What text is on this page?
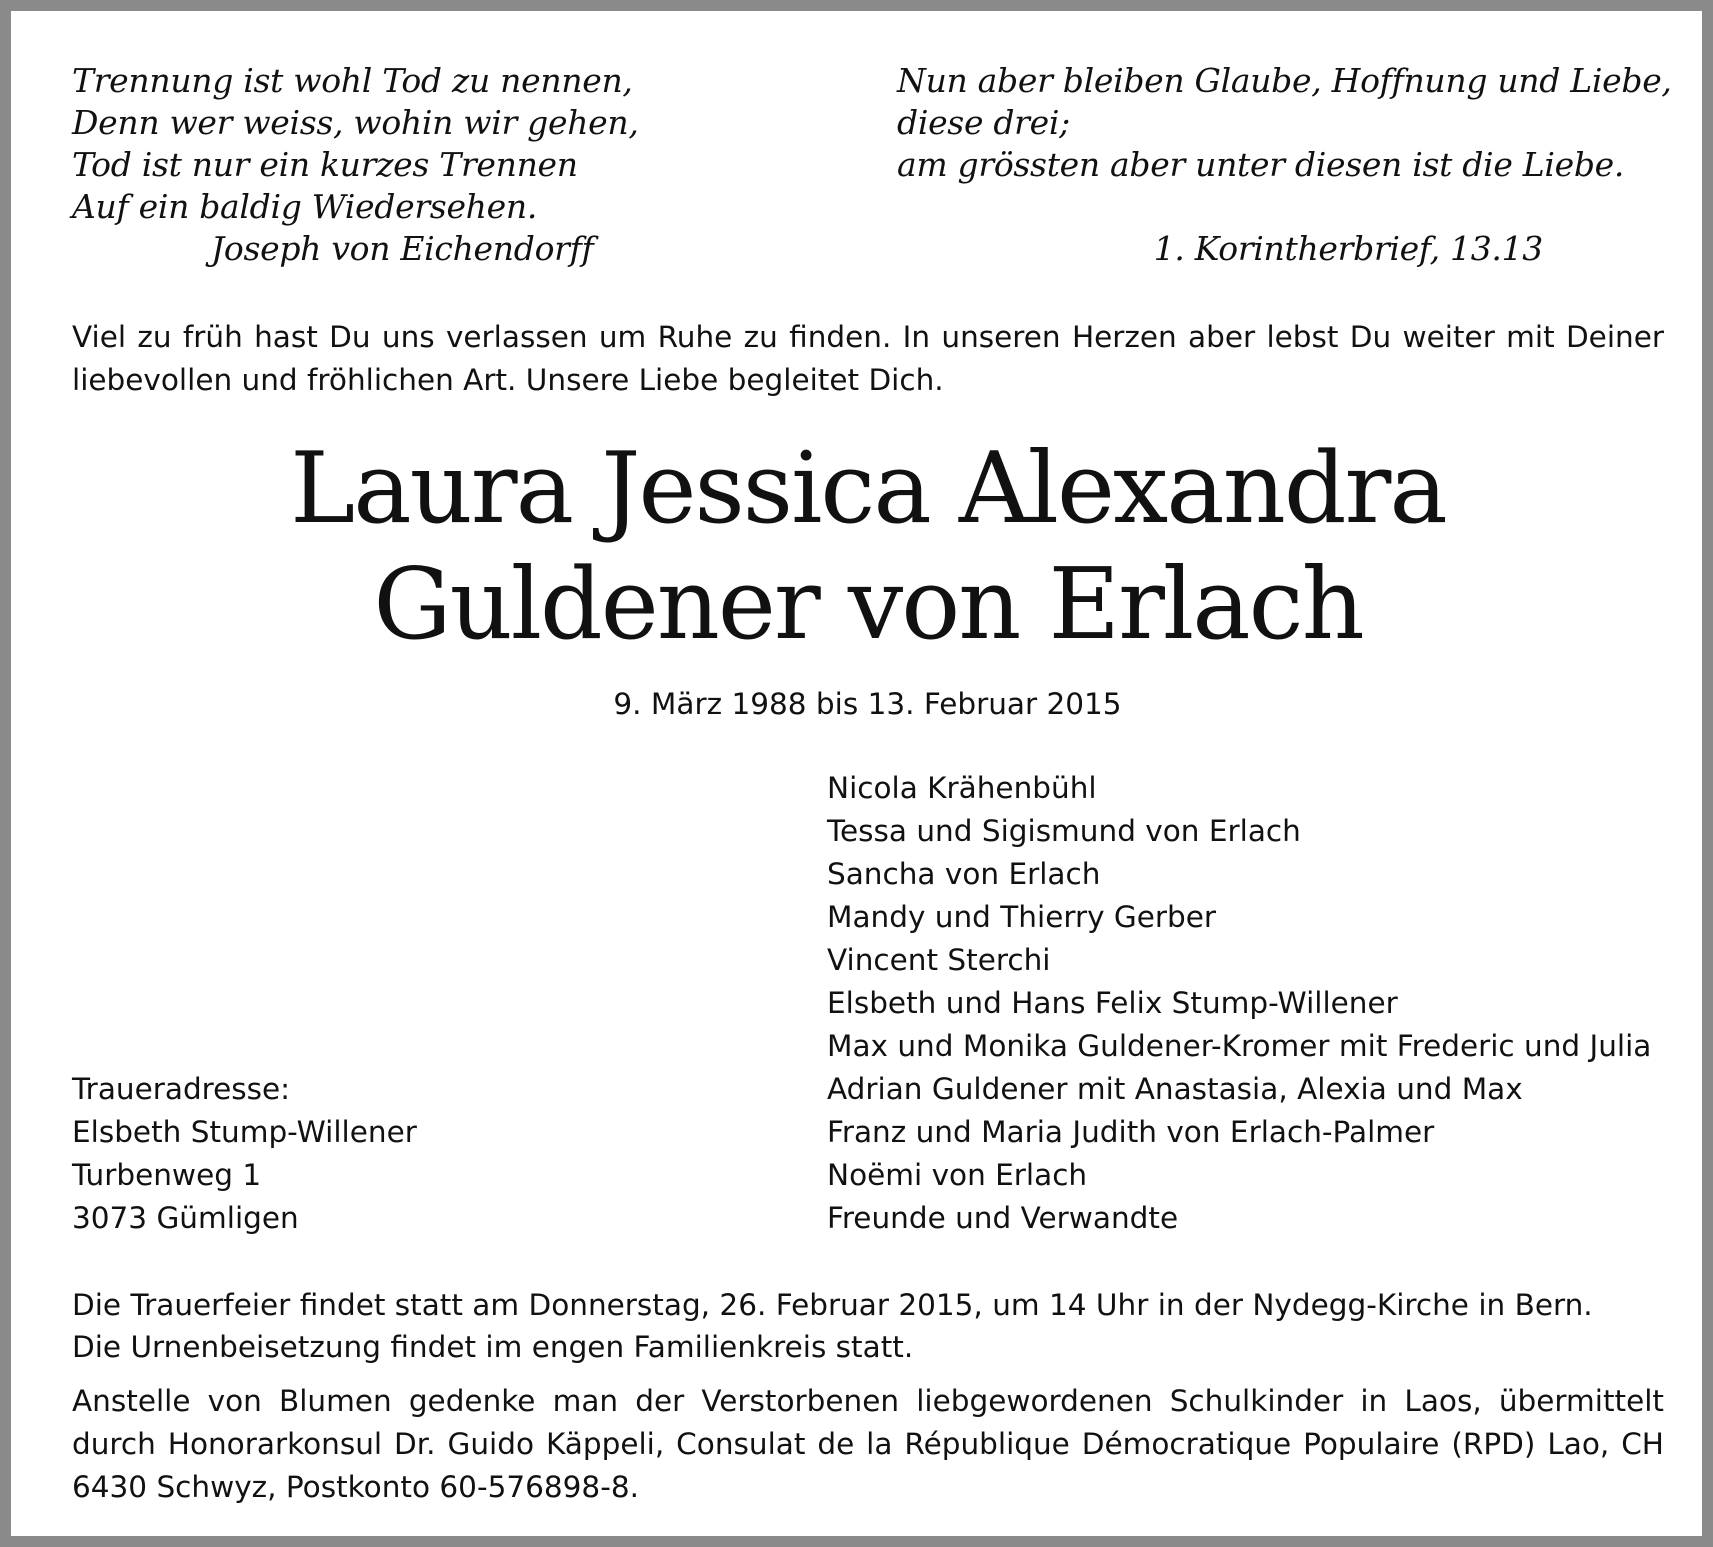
Trennung ist wohl Tod zu nennen,
Denn wer weiss, wohin wir gehen,
Tod ist nur ein kurzes Trennen
Auf ein baldig Wiedersehen.
Joseph von Eichendorff
Nun aber bleiben Glaube, Hoffnung und Liebe,
diese drei;
am grössten aber unter diesen ist die Liebe.
1. Korintherbrief, 13.13
Viel zu früh hast Du uns verlassen um Ruhe zu finden. In unseren Herzen aber lebst Du weiter mit Deiner liebevollen und fröhlichen Art. Unsere Liebe begleitet Dich.
Laura Jessica Alexandra
Guldener von Erlach
9. März 1988 bis 13. Februar 2015
Nicola Krähenbühl
Tessa und Sigismund von Erlach
Sancha von Erlach
Mandy und Thierry Gerber
Vincent Sterchi
Elsbeth und Hans Felix Stump-Willener
Max und Monika Guldener-Kromer mit Frederic und Julia
Adrian Guldener mit Anastasia, Alexia und Max
Franz und Maria Judith von Erlach-Palmer
Noëmi von Erlach
Freunde und Verwandte
Traueradresse:
Elsbeth Stump-Willener
Turbenweg 1
3073 Gümligen
Die Trauerfeier findet statt am Donnerstag, 26. Februar 2015, um 14 Uhr in der Nydegg-Kirche in Bern.
Die Urnenbeisetzung findet im engen Familienkreis statt.
Anstelle von Blumen gedenke man der Verstorbenen liebgewordenen Schulkinder in Laos, übermittelt durch Honorarkonsul Dr. Guido Käppeli, Consulat de la République Démocratique Populaire (RPD) Lao, CH 6430 Schwyz, Postkonto 60-576898-8.
